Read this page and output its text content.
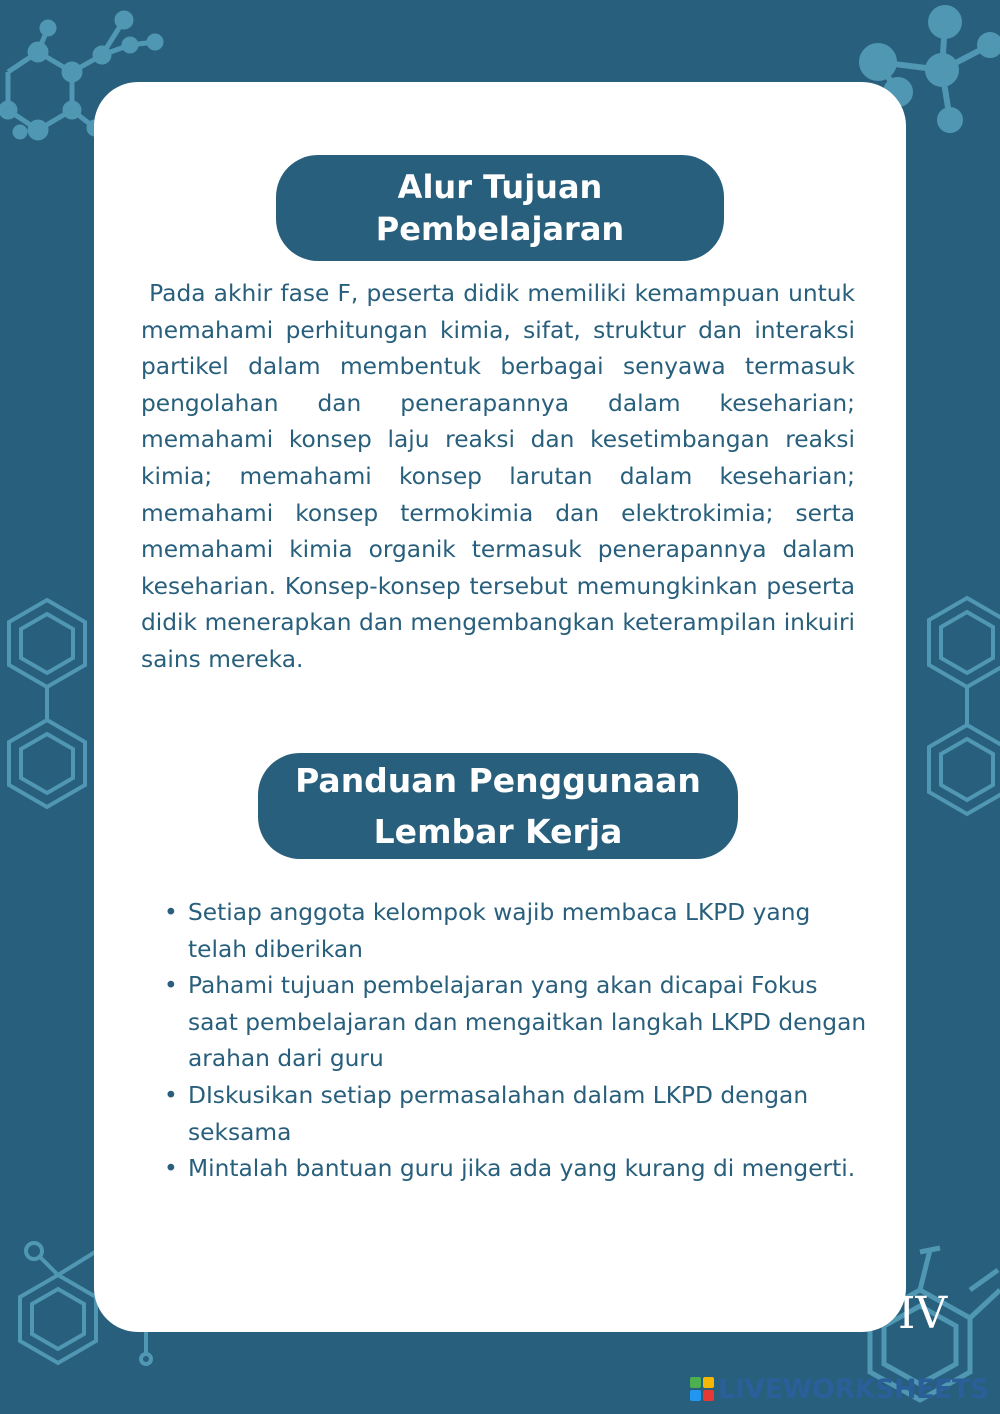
Alur Tujuan
Pembelajaran

Pada akhir fase F, peserta didik memiliki kemampuan untuk memahami perhitungan kimia, sifat, struktur dan interaksi partikel dalam membentuk berbagai senyawa termasuk pengolahan dan penerapannya dalam keseharian; memahami konsep laju reaksi dan kesetimbangan reaksi kimia; memahami konsep larutan dalam keseharian; memahami konsep termokimia dan elektrokimia; serta memahami kimia organik termasuk penerapannya dalam keseharian. Konsep-konsep tersebut memungkinkan peserta didik menerapkan dan mengembangkan keterampilan inkuiri sains mereka.

Panduan Penggunaan
Lembar Kerja
• Setiap anggota kelompok wajib membaca LKPD yang telah diberikan
• Pahami tujuan pembelajaran yang akan dicapai Fokus saat pembelajaran dan mengaitkan langkah LKPD dengan arahan dari guru
• DIskusikan setiap permasalahan dalam LKPD dengan seksama
• Mintalah bantuan guru jika ada yang kurang di mengerti.
IV
LIVEWORKSHEETS
